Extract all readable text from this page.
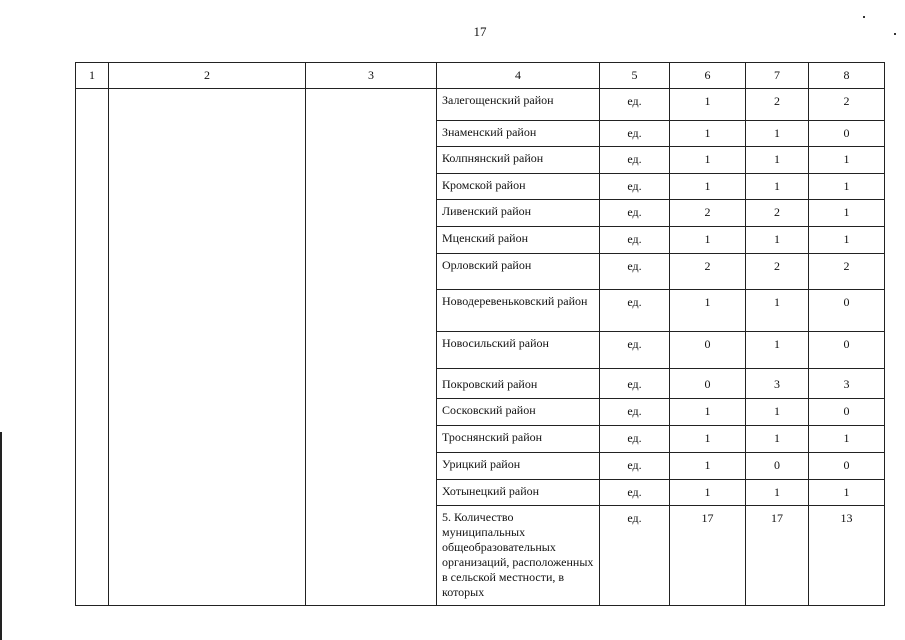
17
1	2	3	4	5	6	7	8
			Залегощенский район	ед.	1	2	2
			Знаменский район	ед.	1	1	0
			Колпнянский район	ед.	1	1	1
			Кромской район	ед.	1	1	1
			Ливенский район	ед.	2	2	1
			Мценский район	ед.	1	1	1
			Орловский район	ед.	2	2	2
			Новодеревеньковский район	ед.	1	1	0
			Новосильский район	ед.	0	1	0
			Покровский район	ед.	0	3	3
			Сосковский район	ед.	1	1	0
			Троснянский район	ед.	1	1	1
			Урицкий район	ед.	1	0	0
			Хотынецкий район	ед.	1	1	1
			5. Количество муниципальных общеобразовательных организаций, расположенных в сельской местности, в которых	ед.	17	17	13
